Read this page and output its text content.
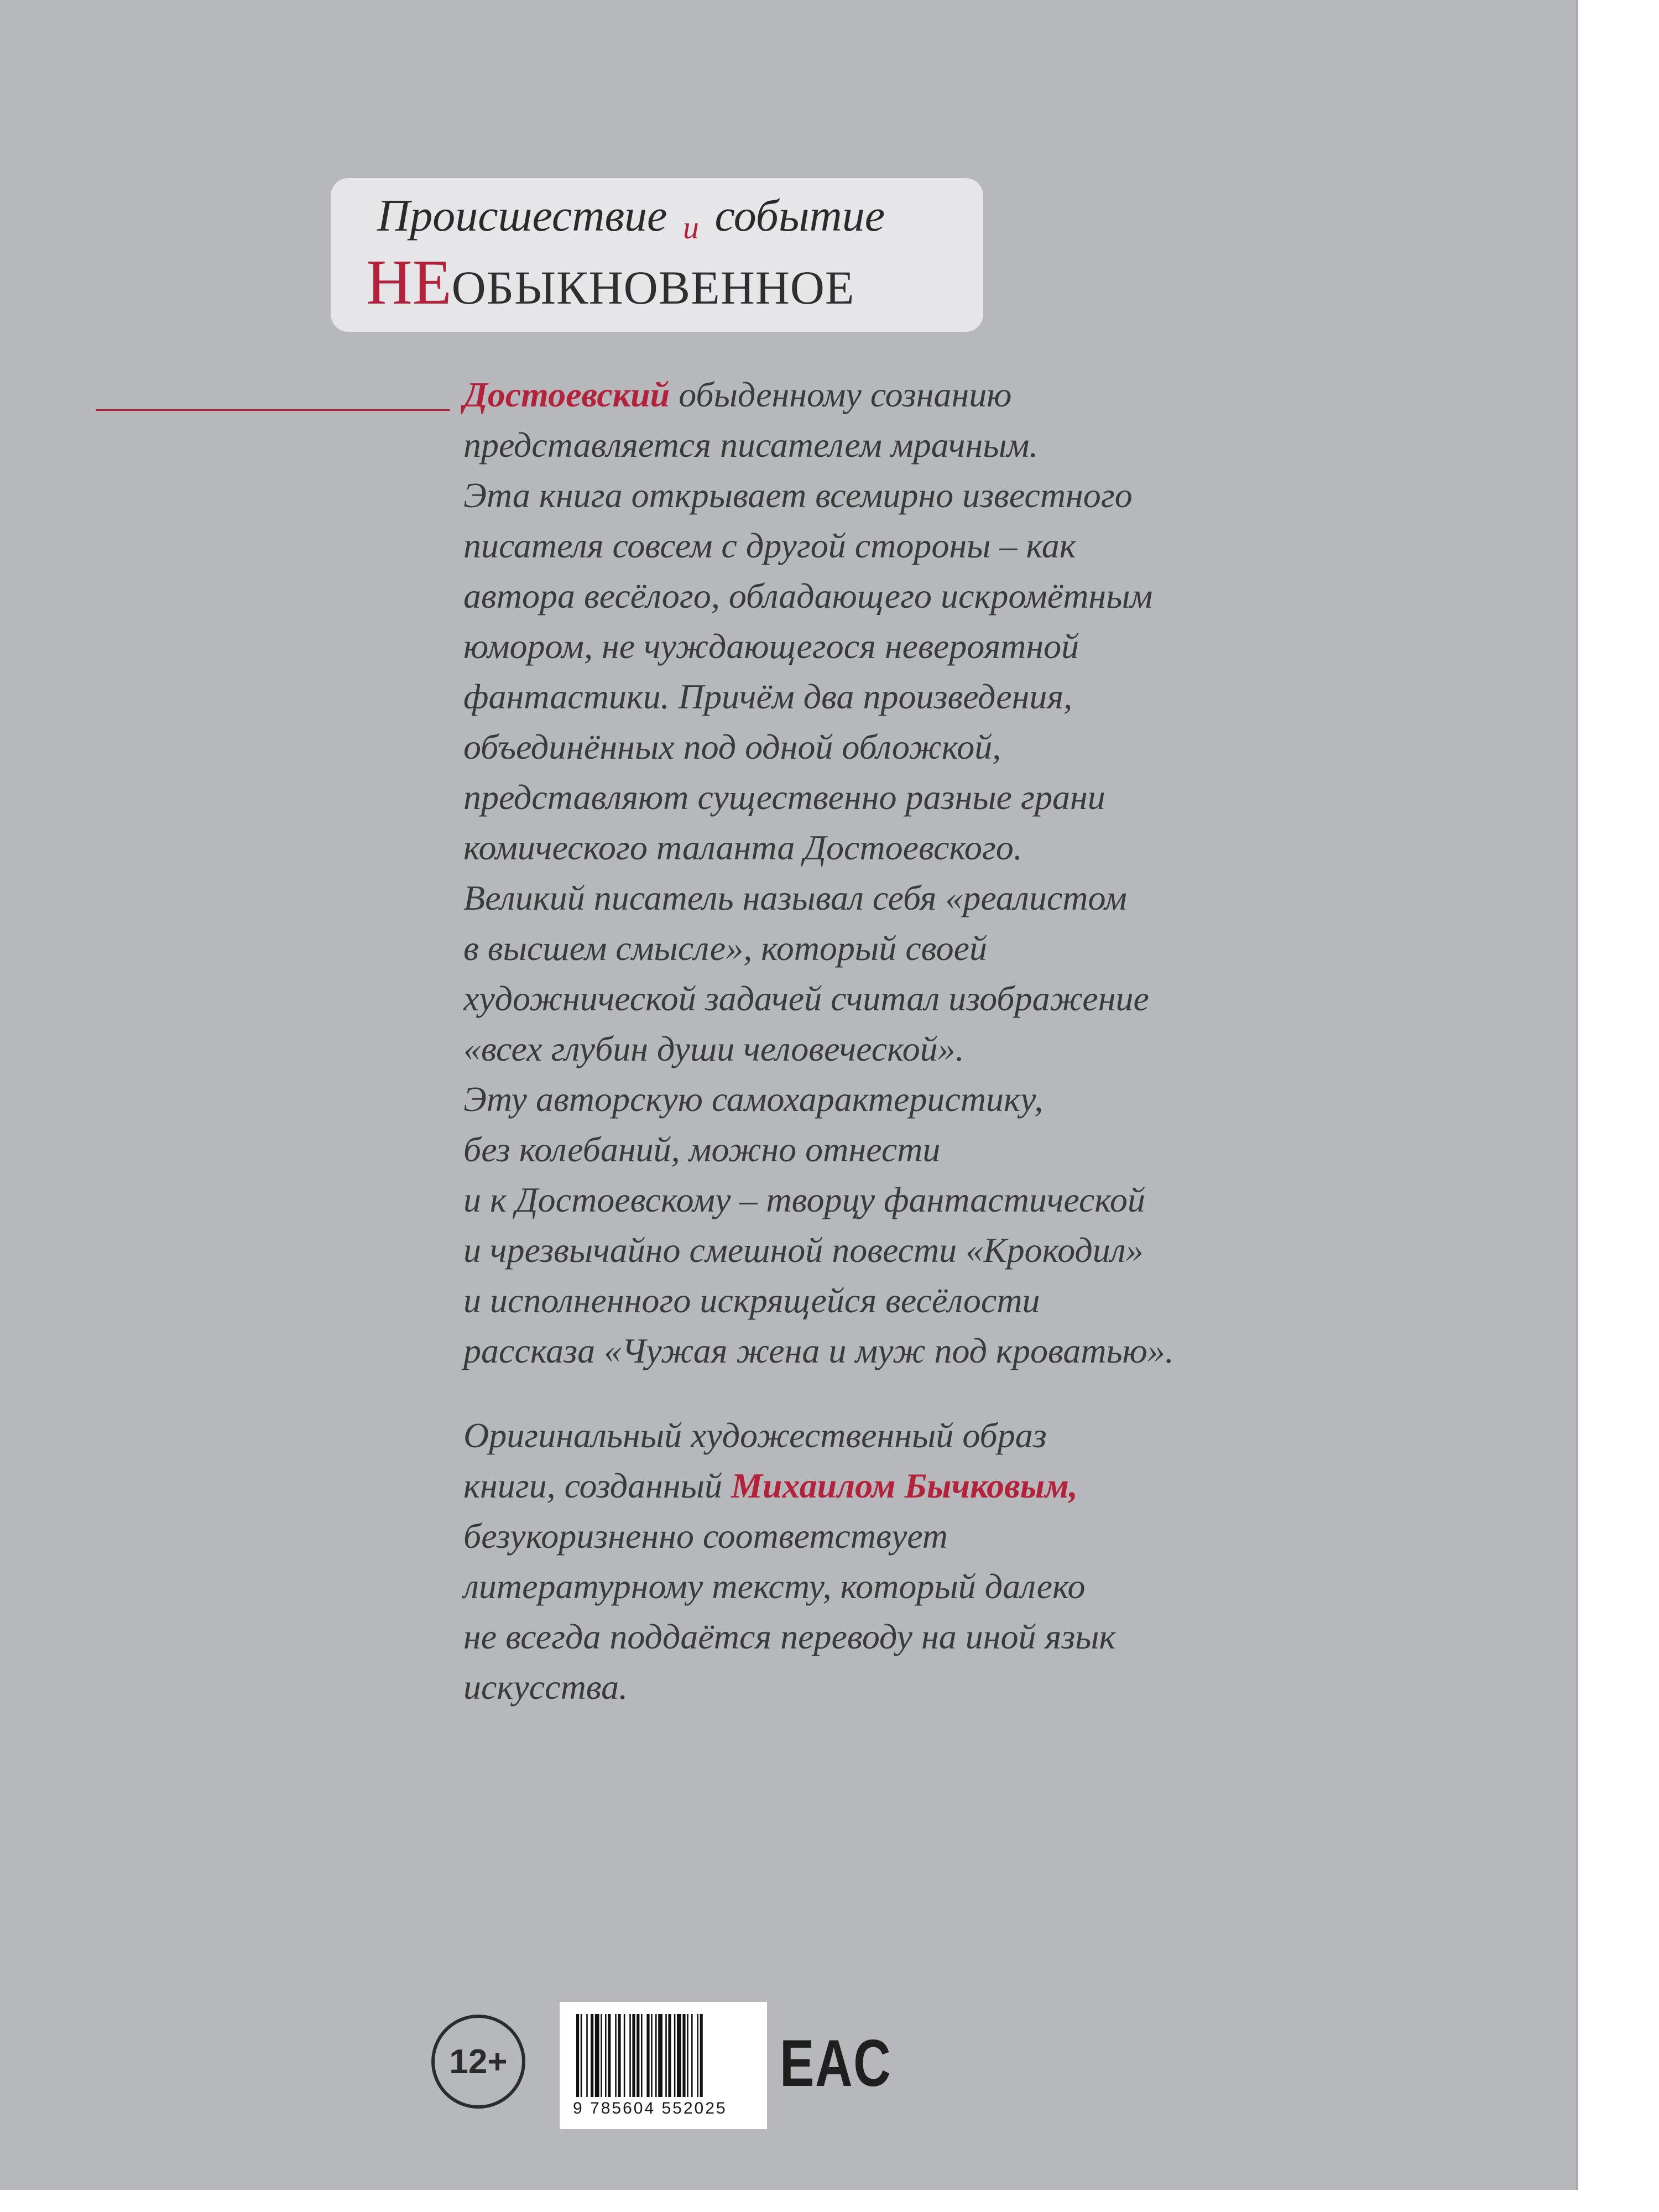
Происшествие и событие
НЕОБЫКНОВЕННОЕ
Достоевский обыденному сознанию
представляется писателем мрачным.
Эта книга открывает всемирно известного
писателя совсем с другой стороны – как
автора весёлого, обладающего искромётным
юмором, не чуждающегося невероятной
фантастики. Причём два произведения,
объединённых под одной обложкой,
представляют существенно разные грани
комического таланта Достоевского.
Великий писатель называл себя «реалистом
в высшем смысле», который своей
художнической задачей считал изображение
«всех глубин души человеческой».
Эту авторскую самохарактеристику,
без колебаний, можно отнести
и к Достоевскому – творцу фантастической
и чрезвычайно смешной повести «Крокодил»
и исполненного искрящейся весёлости
рассказа «Чужая жена и муж под кроватью».
Оригинальный художественный образ
книги, созданный Михаилом Бычковым,
безукоризненно соответствует
литературному тексту, который далеко
не всегда поддаётся переводу на иной язык
искусства.
12+
9 785604 552025
EAC
